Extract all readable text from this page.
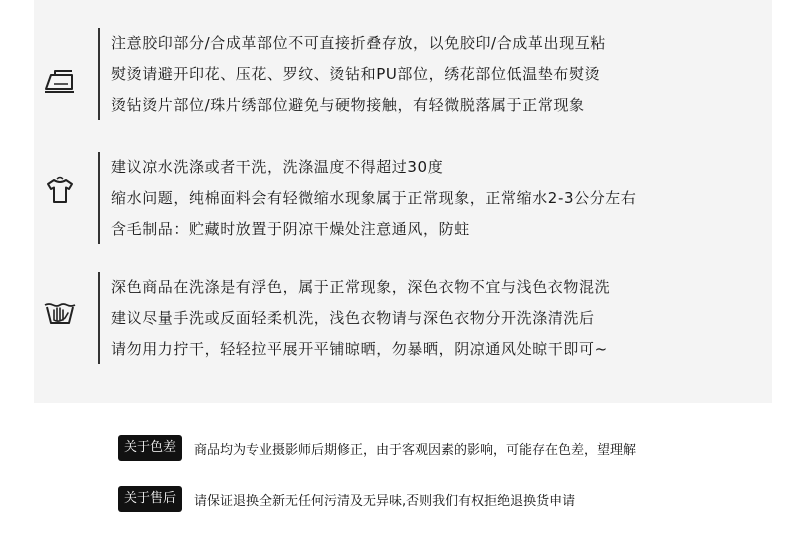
注意胶印部分/合成革部位不可直接折叠存放，以免胶印/合成革出现互粘
熨烫请避开印花、压花、罗纹、烫钻和PU部位，绣花部位低温垫布熨烫
烫钻烫片部位/珠片绣部位避免与硬物接触，有轻微脱落属于正常现象
建议凉水洗涤或者干洗，洗涤温度不得超过30度
缩水问题，纯棉面料会有轻微缩水现象属于正常现象，正常缩水2-3公分左右
含毛制品：贮藏时放置于阴凉干燥处注意通风，防蛀
深色商品在洗涤是有浮色，属于正常现象，深色衣物不宜与浅色衣物混洗
建议尽量手洗或反面轻柔机洗，浅色衣物请与深色衣物分开洗涤清洗后
请勿用力拧干，轻轻拉平展开平铺晾晒，勿暴晒，阴凉通风处晾干即可~
关于色差	商品均为专业摄影师后期修正，由于客观因素的影响，可能存在色差，望理解
关于售后	请保证退换全新无任何污清及无异味,否则我们有权拒绝退换货申请
